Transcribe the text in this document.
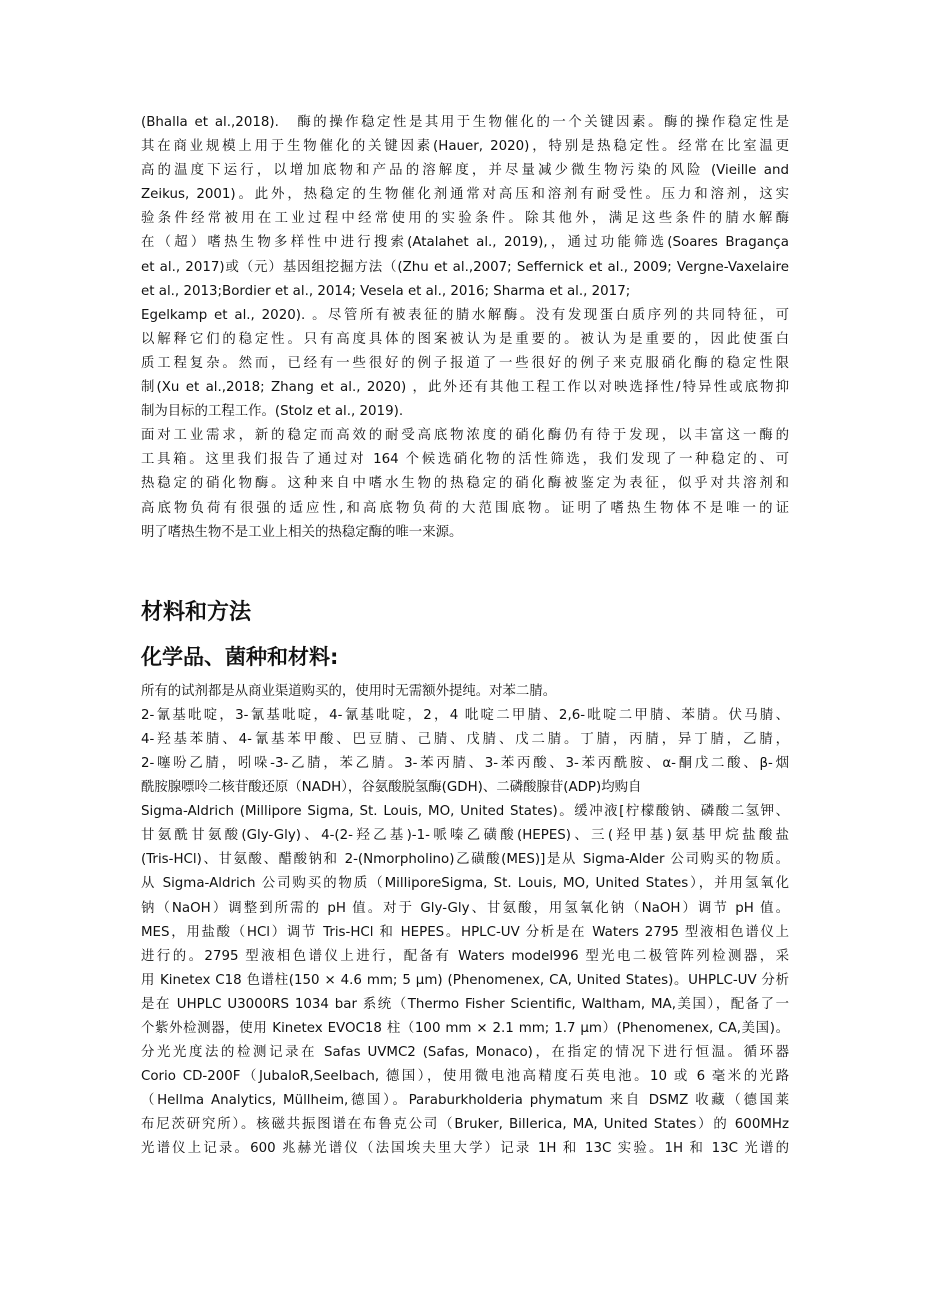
(Bhalla et al.,2018).　酶的操作稳定性是其用于生物催化的一个关键因素。酶的操作稳定性是
其在商业规模上用于生物催化的关键因素(Hauer, 2020)，特别是热稳定性。经常在比室温更
高的温度下运行，以增加底物和产品的溶解度，并尽量减少微生物污染的风险 (Vieille and
Zeikus, 2001)。此外，热稳定的生物催化剂通常对高压和溶剂有耐受性。压力和溶剂，这实
验条件经常被用在工业过程中经常使用的实验条件。除其他外，满足这些条件的腈水解酶
在（超）嗜热生物多样性中进行搜索(Atalahet al., 2019),，通过功能筛选(Soares Bragança
et al., 2017)或（元）基因组挖掘方法（(Zhu et al.,2007; Seffernick et al., 2009; Vergne-Vaxelaire
et al., 2013;Bordier et al., 2014; Vesela et al., 2016; Sharma et al., 2017;
Egelkamp et al., 2020). 。尽管所有被表征的腈水解酶。没有发现蛋白质序列的共同特征，可
以解释它们的稳定性。只有高度具体的图案被认为是重要的。被认为是重要的，因此使蛋白
质工程复杂。然而，已经有一些很好的例子报道了一些很好的例子来克服硝化酶的稳定性限
制(Xu et al.,2018; Zhang et al., 2020) ，此外还有其他工程工作以对映选择性/特异性或底物抑
制为目标的工程工作。(Stolz et al., 2019).
面对工业需求，新的稳定而高效的耐受高底物浓度的硝化酶仍有待于发现，以丰富这一酶的
工具箱。这里我们报告了通过对 164 个候选硝化物的活性筛选，我们发现了一种稳定的、可
热稳定的硝化物酶。这种来自中嗜水生物的热稳定的硝化酶被鉴定为表征，似乎对共溶剂和
高底物负荷有很强的适应性,和高底物负荷的大范围底物。证明了嗜热生物体不是唯一的证
明了嗜热生物不是工业上相关的热稳定酶的唯一来源。
材料和方法
化学品、菌种和材料:
所有的试剂都是从商业渠道购买的，使用时无需额外提纯。对苯二腈。
2-氰基吡啶，3-氰基吡啶，4-氰基吡啶，2，4 吡啶二甲腈、2,6-吡啶二甲腈、苯腈。伏马腈、
4-羟基苯腈、4-氰基苯甲酸、巴豆腈、己腈、戊腈、戊二腈。丁腈，丙腈，异丁腈，乙腈，
2-噻吩乙腈，吲哚-3-乙腈，苯乙腈。3-苯丙腈、3-苯丙酸、3-苯丙酰胺、α-酮戊二酸、β-烟
酰胺腺嘌呤二核苷酸还原（NADH），谷氨酸脱氢酶(GDH)、二磷酸腺苷(ADP)均购自
Sigma-Aldrich (Millipore Sigma, St. Louis, MO, United States)。缓冲液[柠檬酸钠、磷酸二氢钾、
甘氨酰甘氨酸(Gly-Gly)、4-(2-羟乙基)-1-哌嗪乙磺酸(HEPES)、三(羟甲基)氨基甲烷盐酸盐
(Tris-HCl)、甘氨酸、醋酸钠和 2-(Nmorpholino)乙磺酸(MES)]是从 Sigma-Alder 公司购买的物质。
从 Sigma-Aldrich 公司购买的物质（MilliporeSigma, St. Louis, MO, United States），并用氢氧化
钠（NaOH）调整到所需的 pH 值。对于 Gly-Gly、甘氨酸，用氢氧化钠（NaOH）调节 pH 值。
MES，用盐酸（HCl）调节 Tris-HCl 和 HEPES。HPLC-UV 分析是在 Waters 2795 型液相色谱仪上
进行的。2795 型液相色谱仪上进行，配备有 Waters model996 型光电二极管阵列检测器，采
用 Kinetex C18 色谱柱(150 × 4.6 mm; 5 μm) (Phenomenex, CA, United States)。UHPLC-UV 分析
是在 UHPLC U3000RS 1034 bar 系统（Thermo Fisher Scientific, Waltham, MA,美国），配备了一
个紫外检测器，使用 Kinetex EVOC18 柱（100 mm × 2.1 mm; 1.7 μm）(Phenomenex, CA,美国)。
分光光度法的检测记录在 Safas UVMC2 (Safas, Monaco)，在指定的情况下进行恒温。循环器
Corio CD-200F（JubaloR,Seelbach, 德国），使用微电池高精度石英电池。10 或 6 毫米的光路
（Hellma Analytics, Müllheim,德国）。Paraburkholderia phymatum 来自 DSMZ 收藏（德国莱
布尼茨研究所）。核磁共振图谱在布鲁克公司（Bruker, Billerica, MA, United States）的 600MHz
光谱仪上记录。600 兆赫光谱仪（法国埃夫里大学）记录 1H 和 13C 实验。1H 和 13C 光谱的
